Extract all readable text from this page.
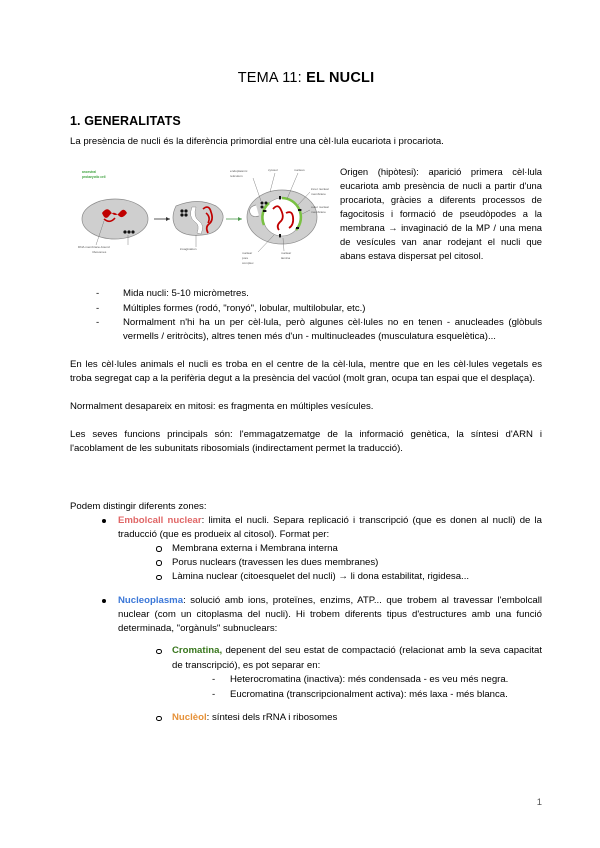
TEMA 11: EL NUCLI
1. GENERALITATS

La presència de nucli és la diferència primordial entre una cèl·lula eucariota i procariota.

ancestral
prokaryotic cell
DNA membrane-bound
ribosomes
invagination
endoplasmic
reticulum
cytosol	nucleus
inner nuclear
membrane
outer nuclear
membrane
nuclear
pore
complex
nuclear
lamina
Origen (hipòtesi): aparició primera cèl·lula eucariota amb presència de nucli a partir d'una procariota, gràcies a diferents processos de fagocitosis i formació de pseudòpodes a la membrana → invaginació de la MP / una mena de vesícules van anar rodejant el nucli que abans estava dispersat pel citosol.
- Mida nucli: 5-10 micròmetres.
- Múltiples formes (rodó, "ronyó", lobular, multilobular, etc.)
- Normalment n'hi ha un per cèl·lula, però algunes cèl·lules no en tenen - anucleades (glòbuls vermells / eritròcits), altres tenen més d'un - multinucleades (musculatura esquelètica)...

En les cèl·lules animals el nucli es troba en el centre de la cèl·lula, mentre que en les cèl·lules vegetals es troba segregat cap a la perifèria degut a la presència del vacúol (molt gran, ocupa tan espai que el desplaça).

Normalment desapareix en mitosi: es fragmenta en múltiples vesícules.

Les seves funcions principals són: l'emmagatzematge de la informació genètica, la síntesi d'ARN i l'acoblament de les subunitats ribosomials (indirectament permet la traducció).

Podem distingir diferents zones:
Embolcall nuclear: limita el nucli. Separa replicació i transcripció (que es donen al nucli) de la traducció (que es produeix al citosol). Format per:
Membrana externa i Membrana interna
Porus nuclears (travessen les dues membranes)
Làmina nuclear (citoesquelet del nucli) → li dona estabilitat, rigidesa...
Nucleoplasma: solució amb ions, proteïnes, enzims, ATP... que trobem al travessar l'embolcall nuclear (com un citoplasma del nucli). Hi trobem diferents tipus d'estructures amb una funció determinada, "orgànuls" subnuclears:
Cromatina, depenent del seu estat de compactació (relacionat amb la seva capacitat de transcripció), es pot separar en:
- Heterocromatina (inactiva): més condensada - es veu més negra.
- Eucromatina (transcripcionalment activa): més laxa - més blanca.
Nuclèol: síntesi dels rRNA i ribosomes
1
